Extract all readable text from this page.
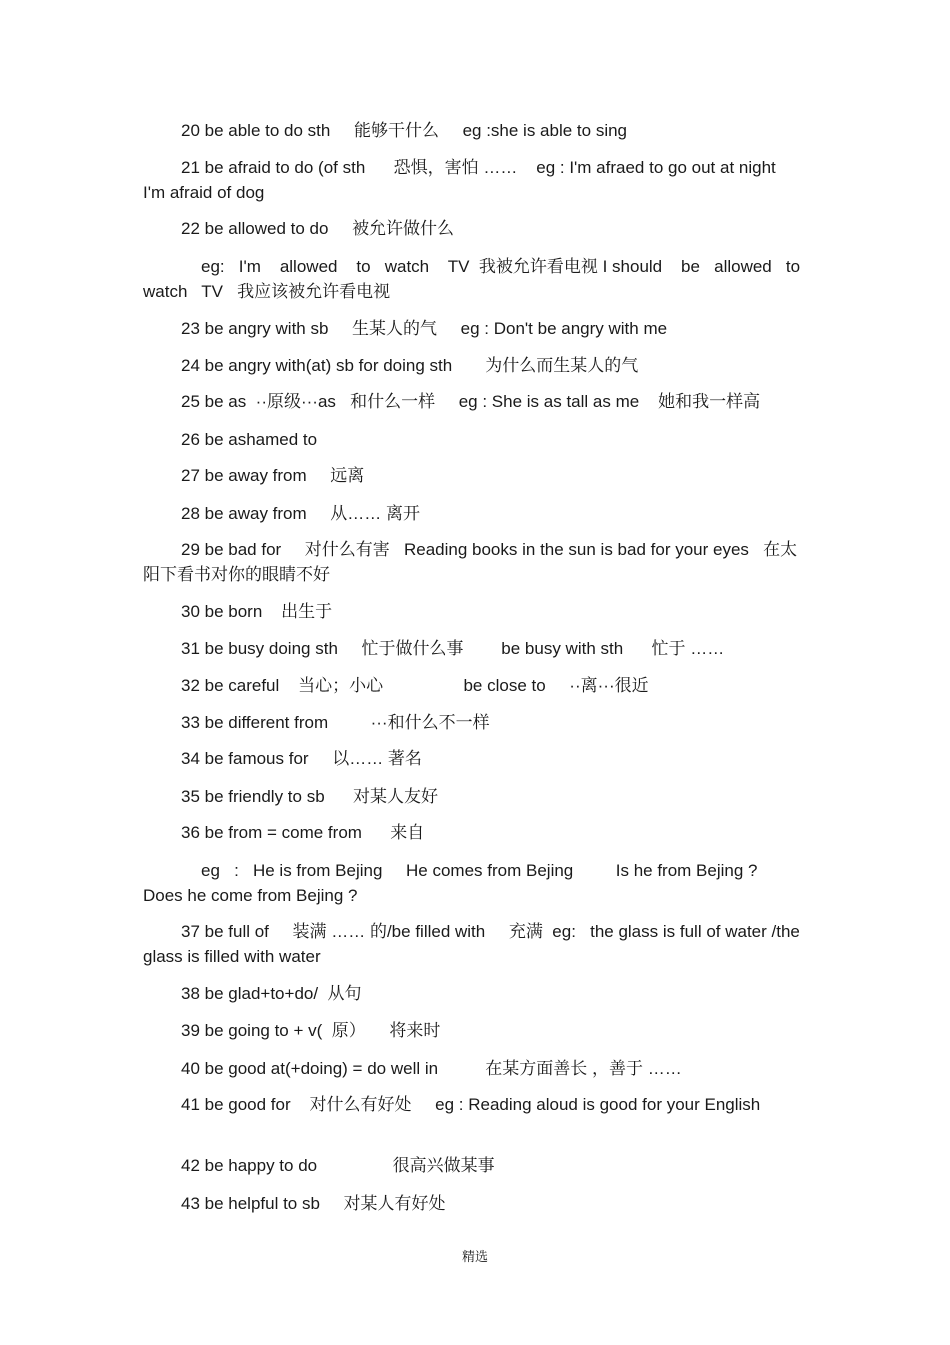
20 be able to do sth     能够干什么     eg :she is able to sing
21 be afraid to do (of sth      恐惧，害怕 ……    eg : I'm afraed to go out at night      I'm afraid of dog
22 be allowed to do     被允许做什么
eg:   I'm    allowed    to   watch    TV  我被允许看电视 I should    be   allowed   to   watch   TV   我应该被允许看电视
23 be angry with sb     生某人的气     eg : Don't be angry with me
24 be angry with(at) sb for doing sth       为什么而生某人的气
25 be as  ··原级···as   和什么一样     eg : She is as tall as me    她和我一样高
26 be ashamed to
27 be away from     远离
28 be away from     从…… 离开
29 be bad for     对什么有害   Reading books in the sun is bad for your eyes   在太阳下看书对你的眼睛不好
30 be born    出生于
31 be busy doing sth     忙于做什么事        be busy with sth      忙于 ……
32 be careful    当心；小心                 be close to     ··离···很近
33 be different from         ···和什么不一样
34 be famous for     以…… 著名
35 be friendly to sb      对某人友好
36 be from = come from      来自
eg   :   He is from Bejing     He comes from Bejing         Is he from Bejing ?    Does he come from Bejing ?
37 be full of     装满 …… 的/be filled with     充满  eg:   the glass is full of water /the glass is filled with water
38 be glad+to+do/  从句
39 be going to + v(  原）     将来时
40 be good at(+doing) = do well in          在某方面善长 ，善于 ……
41 be good for    对什么有好处     eg : Reading aloud is good for your English
42 be happy to do                很高兴做某事
43 be helpful to sb     对某人有好处
精选
